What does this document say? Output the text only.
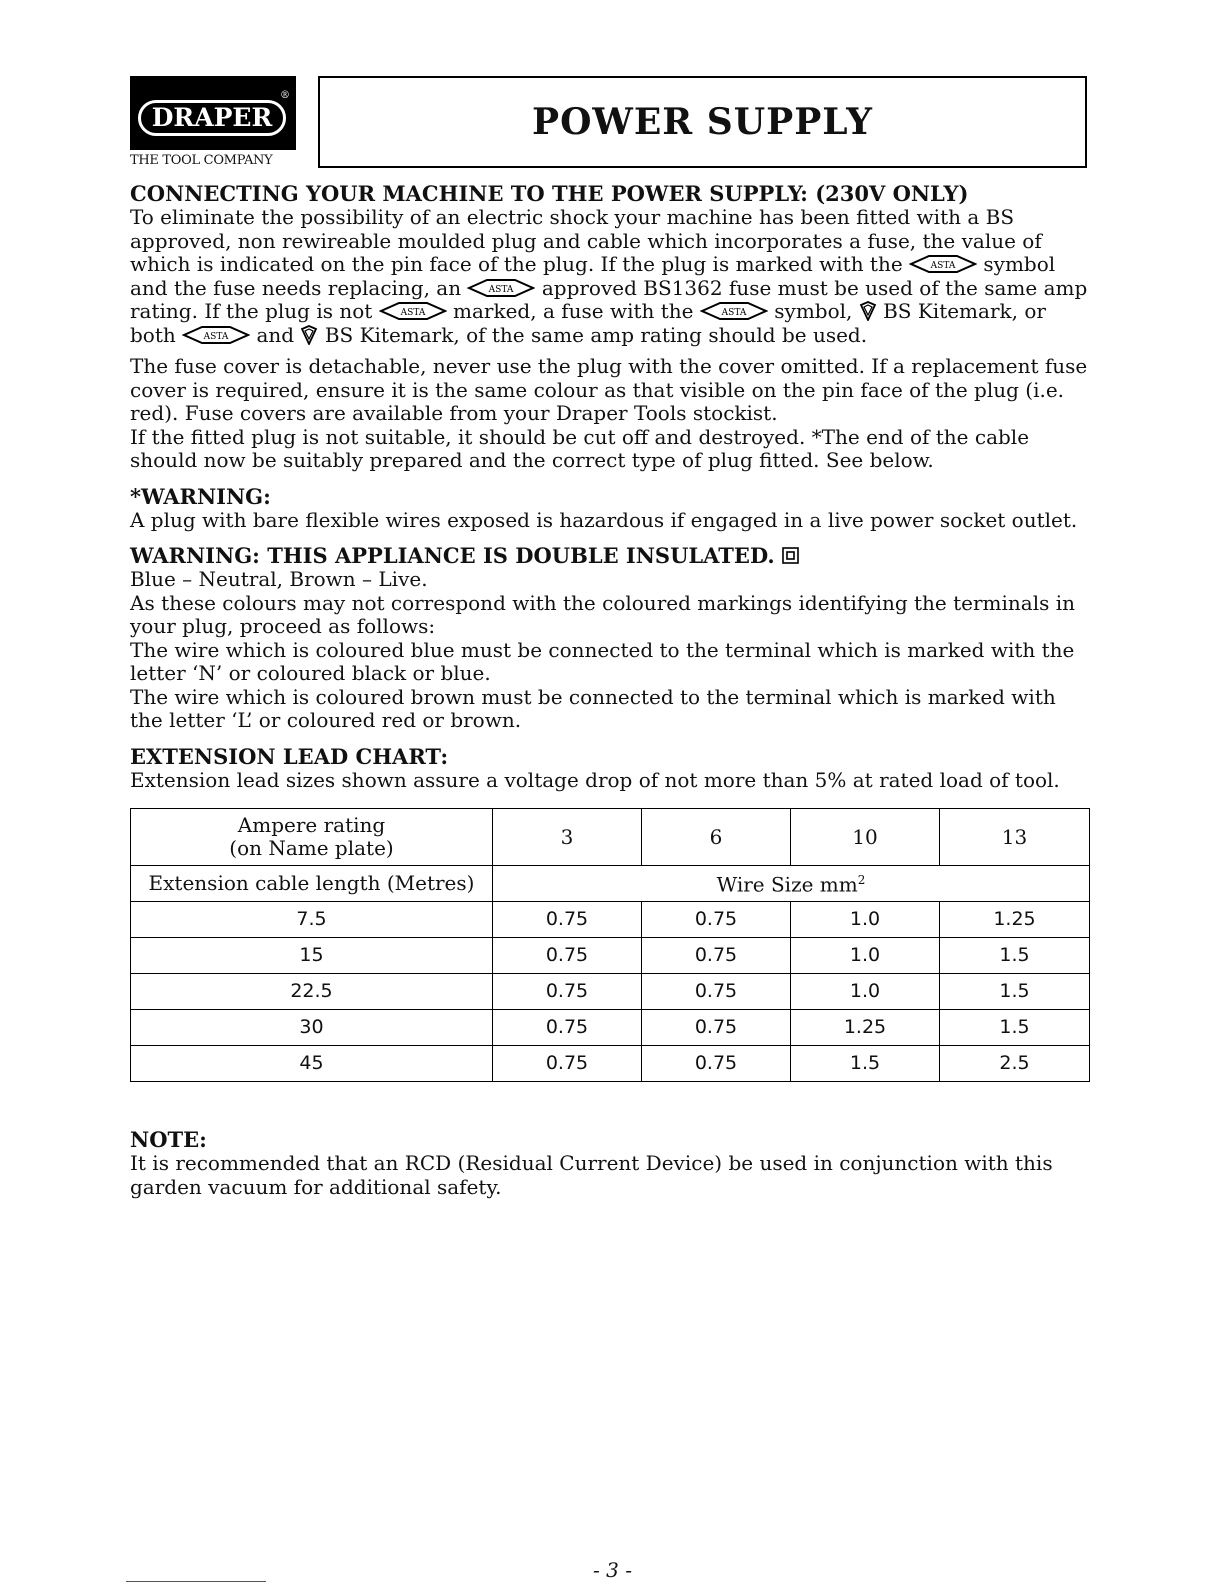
®
DRAPER
THE TOOL COMPANY
POWER SUPPLY

CONNECTING YOUR MACHINE TO THE POWER SUPPLY: (230V ONLY)

To eliminate the possibility of an electric shock your machine has been fitted with a BS approved, non rewireable moulded plug and cable which incorporates a fuse, the value of which is indicated on the pin face of the plug. If the plug is marked with the	ASTA symbol and the fuse needs replacing, an	ASTA approved BS1362 fuse must be used of the same amp rating. If the plug is not	ASTA marked, a fuse with the	ASTA symbol, BS Kitemark, or both	ASTA and BS Kitemark, of the same amp rating should be used.

The fuse cover is detachable, never use the plug with the cover omitted. If a replacement fuse cover is required, ensure it is the same colour as that visible on the pin face of the plug (i.e. red). Fuse covers are available from your Draper Tools stockist.

If the fitted plug is not suitable, it should be cut off and destroyed. *The end of the cable should now be suitably prepared and the correct type of plug fitted. See below.

*WARNING:

A plug with bare flexible wires exposed is hazardous if engaged in a live power socket outlet.

WARNING: THIS APPLIANCE IS DOUBLE INSULATED.

Blue – Neutral, Brown – Live.

As these colours may not correspond with the coloured markings identifying the terminals in your plug, proceed as follows:

The wire which is coloured blue must be connected to the terminal which is marked with the letter ‘N’ or coloured black or blue.

The wire which is coloured brown must be connected to the terminal which is marked with the letter ‘L’ or coloured red or brown.

EXTENSION LEAD CHART:

Extension lead sizes shown assure a voltage drop of not more than 5% at rated load of tool.

Ampere rating
(on Name plate)	3	6	10	13
Extension cable length (Metres)	Wire Size $mm^2$
7.5	0.75	0.75	1.0	1.25
15	0.75	0.75	1.0	1.5
22.5	0.75	0.75	1.0	1.5
30	0.75	0.75	1.25	1.5
45	0.75	0.75	1.5	2.5

NOTE:

It is recommended that an RCD (Residual Current Device) be used in conjunction with this garden vacuum for additional safety.

- 3 -
